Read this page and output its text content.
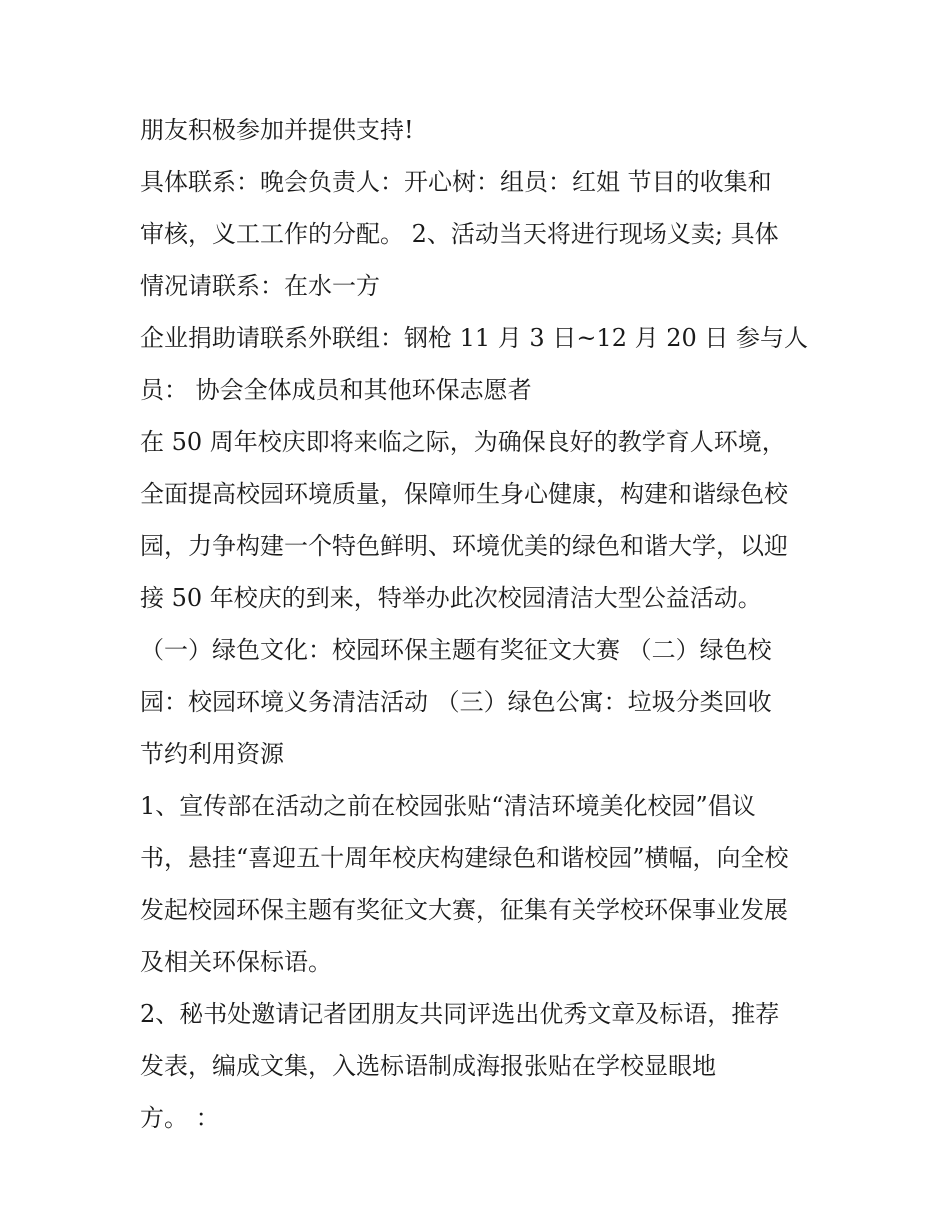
朋友积极参加并提供支持!
具体联系：晚会负责人：开心树：组员：红姐 节目的收集和
审核，义工工作的分配。 2、活动当天将进行现场义卖; 具体
情况请联系：在水一方
企业捐助请联系外联组：钢枪 11 月 3 日~12 月 20 日 参与人
员： 协会全体成员和其他环保志愿者
在 50 周年校庆即将来临之际，为确保良好的教学育人环境，
全面提高校园环境质量，保障师生身心健康，构建和谐绿色校
园，力争构建一个特色鲜明、环境优美的绿色和谐大学，以迎
接 50 年校庆的到来，特举办此次校园清洁大型公益活动。
（一）绿色文化：校园环保主题有奖征文大赛 （二）绿色校
园：校园环境义务清洁活动 （三）绿色公寓：垃圾分类回收
节约利用资源
1、宣传部在活动之前在校园张贴“清洁环境美化校园”倡议
书，悬挂“喜迎五十周年校庆构建绿色和谐校园”横幅，向全校
发起校园环保主题有奖征文大赛，征集有关学校环保事业发展
及相关环保标语。
2、秘书处邀请记者团朋友共同评选出优秀文章及标语，推荐
发表，编成文集，入选标语制成海报张贴在学校显眼地
方。 ：
